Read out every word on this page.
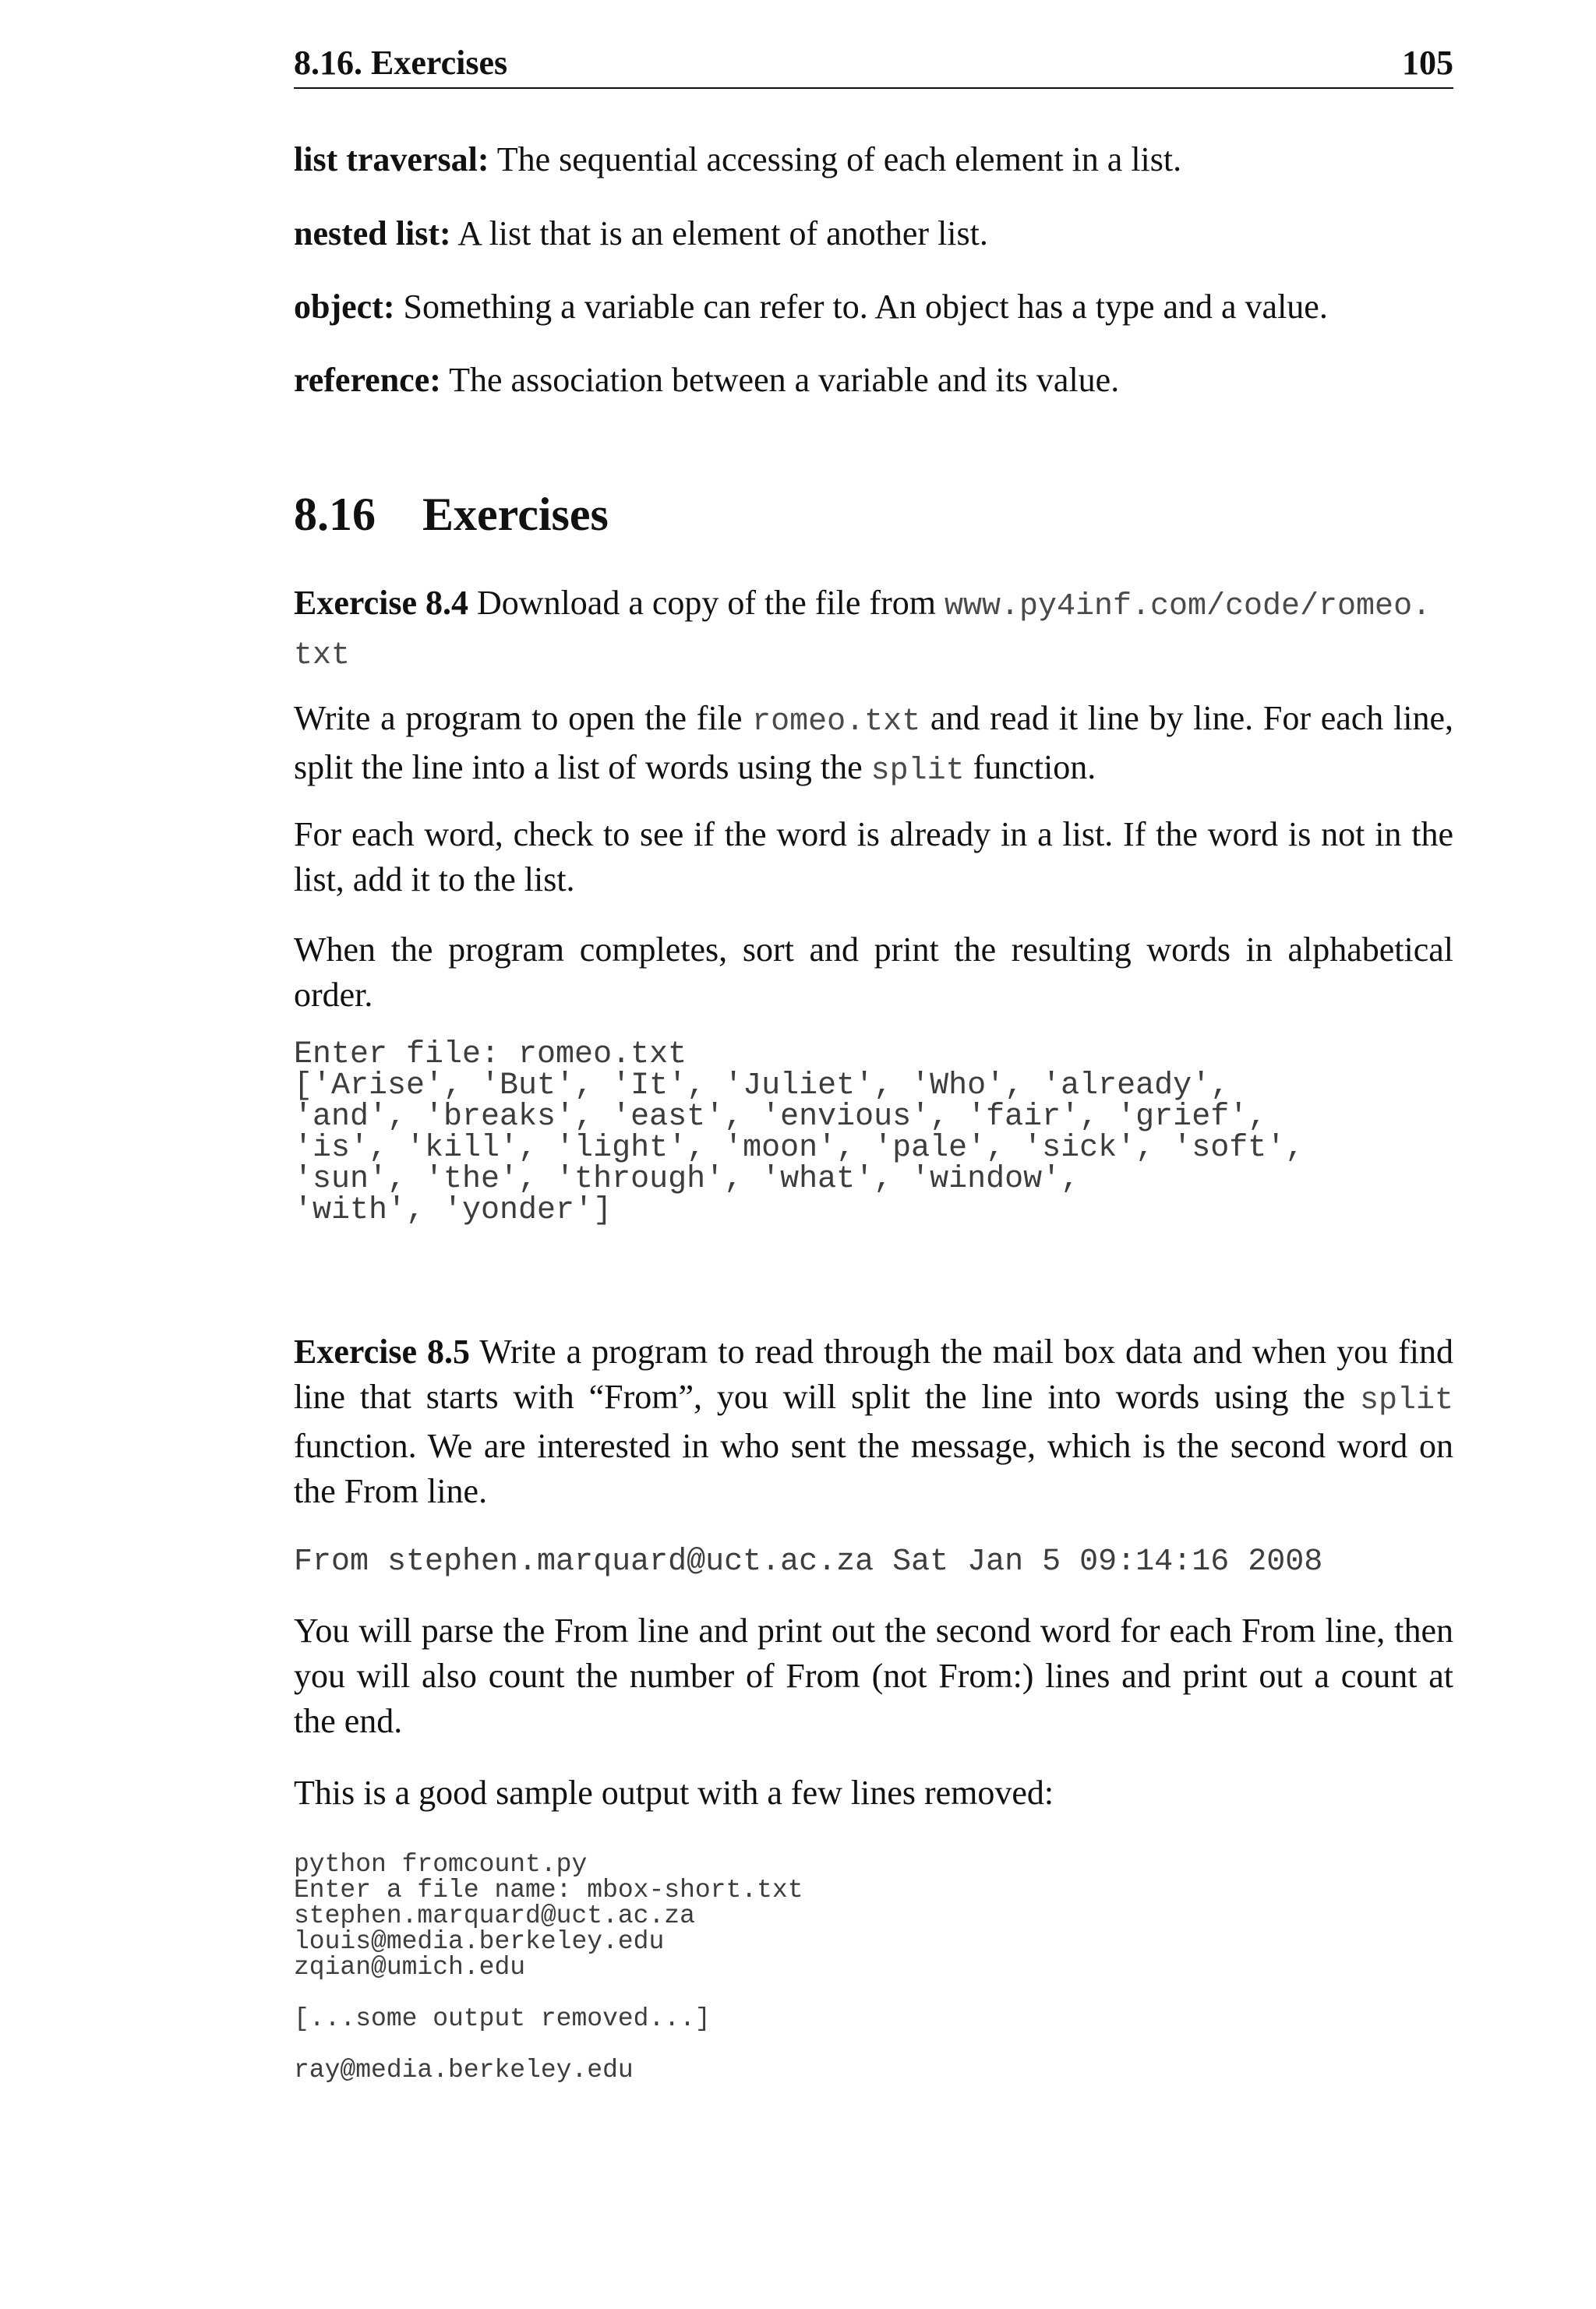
8.16. Exercises	105
list traversal: The sequential accessing of each element in a list.
nested list: A list that is an element of another list.
object: Something a variable can refer to. An object has a type and a value.
reference: The association between a variable and its value.
8.16 Exercises
Exercise 8.4 Download a copy of the file from www.py4inf.com/code/romeo.
txt
Write a program to open the file romeo.txt and read it line by line. For each line, split the line into a list of words using the split function.
For each word, check to see if the word is already in a list. If the word is not in the list, add it to the list.
When the program completes, sort and print the resulting words in alphabetical order.
Enter file: romeo.txt
['Arise', 'But', 'It', 'Juliet', 'Who', 'already',
'and', 'breaks', 'east', 'envious', 'fair', 'grief',
'is', 'kill', 'light', 'moon', 'pale', 'sick', 'soft',
'sun', 'the', 'through', 'what', 'window',
'with', 'yonder']
Exercise 8.5 Write a program to read through the mail box data and when you find line that starts with “From”, you will split the line into words using the split function. We are interested in who sent the message, which is the second word on the From line.
From stephen.marquard@uct.ac.za Sat Jan 5 09:14:16 2008
You will parse the From line and print out the second word for each From line, then you will also count the number of From (not From:) lines and print out a count at the end.
This is a good sample output with a few lines removed:
python fromcount.py
Enter a file name: mbox-short.txt
stephen.marquard@uct.ac.za
louis@media.berkeley.edu
zqian@umich.edu
[...some output removed...]
ray@media.berkeley.edu
